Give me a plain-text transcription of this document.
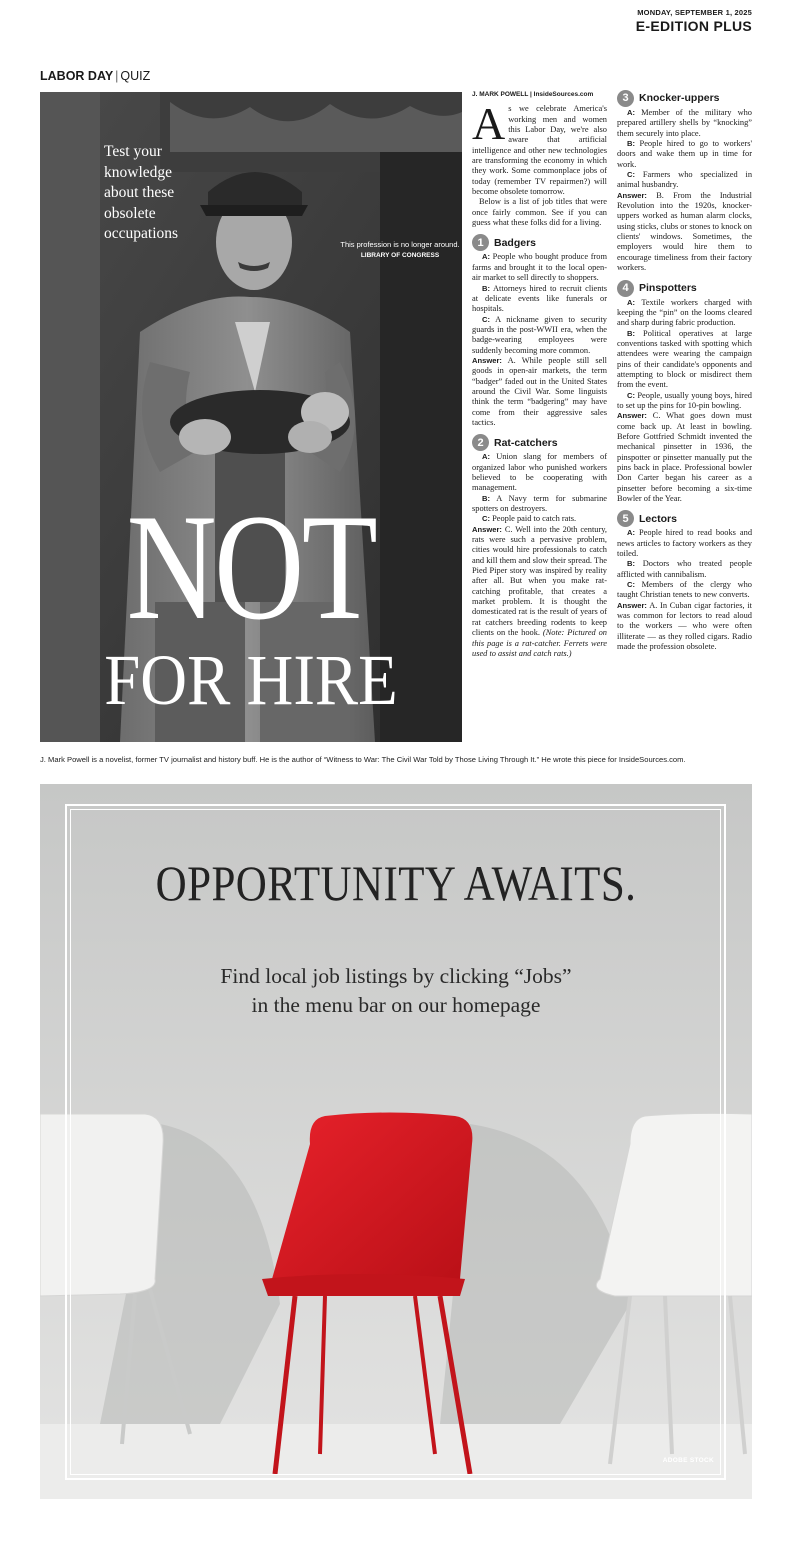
MONDAY, SEPTEMBER 1, 2025
E-EDITION PLUS
LABOR DAY | QUIZ
Test your knowledge about these obsolete occupations
This profession is no longer around.
LIBRARY OF CONGRESS
NOT
FOR HIRE
J. MARK POWELL | InsideSources.com
A s we celebrate America's working men and women this Labor Day, we're also aware that artificial intelligence and other new technologies are transforming the economy in which they work. Some commonplace jobs of today (remember TV repairmen?) will become obsolete tomorrow.

Below is a list of job titles that were once fairly common. See if you can guess what these folks did for a living.

1 Badgers

A: People who bought produce from farms and brought it to the local open-air market to sell directly to shoppers.

B: Attorneys hired to recruit clients at delicate events like funerals or hospitals.

C: A nickname given to security guards in the post-WWII era, when the badge-wearing employees were suddenly becoming more common.

Answer: A. While people still sell goods in open-air markets, the term “badger” faded out in the United States around the Civil War. Some linguists think the term “badgering” may have come from their aggressive sales tactics.

2 Rat-catchers

A: Union slang for members of organized labor who punished workers believed to be cooperating with management.

B: A Navy term for submarine spotters on destroyers.

C: People paid to catch rats.

Answer: C. Well into the 20th century, rats were such a pervasive problem, cities would hire professionals to catch and kill them and slow their spread. The Pied Piper story was inspired by reality after all. But when you make rat-catching profitable, that creates a market problem. It is thought the domesticated rat is the result of years of rat catchers breeding rodents to keep clients on the hook. (Note: Pictured on this page is a rat-catcher. Ferrets were used to assist and catch rats.)

3 Knocker-uppers

A: Member of the military who prepared artillery shells by “knocking” them securely into place.

B: People hired to go to workers' doors and wake them up in time for work.

C: Farmers who specialized in animal husbandry.

Answer: B. From the Industrial Revolution into the 1920s, knocker-uppers worked as human alarm clocks, using sticks, clubs or stones to knock on clients' windows. Sometimes, the employers would hire them to encourage timeliness from their factory workers.

4 Pinspotters

A: Textile workers charged with keeping the “pin” on the looms cleared and sharp during fabric production.

B: Political operatives at large conventions tasked with spotting which attendees were wearing the campaign pins of their candidate's opponents and attempting to block or misdirect them from the event.

C: People, usually young boys, hired to set up the pins for 10-pin bowling.

Answer: C. What goes down must come back up. At least in bowling. Before Gottfried Schmidt invented the mechanical pinsetter in 1936, the pinspotter or pinsetter manually put the pins back in place. Professional bowler Don Carter began his career as a pinsetter before becoming a six-time Bowler of the Year.

5 Lectors

A: People hired to read books and news articles to factory workers as they toiled.

B: Doctors who treated people afflicted with cannibalism.

C: Members of the clergy who taught Christian tenets to new converts.

Answer: A. In Cuban cigar factories, it was common for lectors to read aloud to the workers — who were often illiterate — as they rolled cigars. Radio made the profession obsolete.

J. Mark Powell is a novelist, former TV journalist and history buff. He is the author of “Witness to War: The Civil War Told by Those Living Through It.” He wrote this piece for InsideSources.com.
OPPORTUNITY AWAITS.
Find local job listings by clicking “Jobs”
in the menu bar on our homepage
ADOBE STOCK
